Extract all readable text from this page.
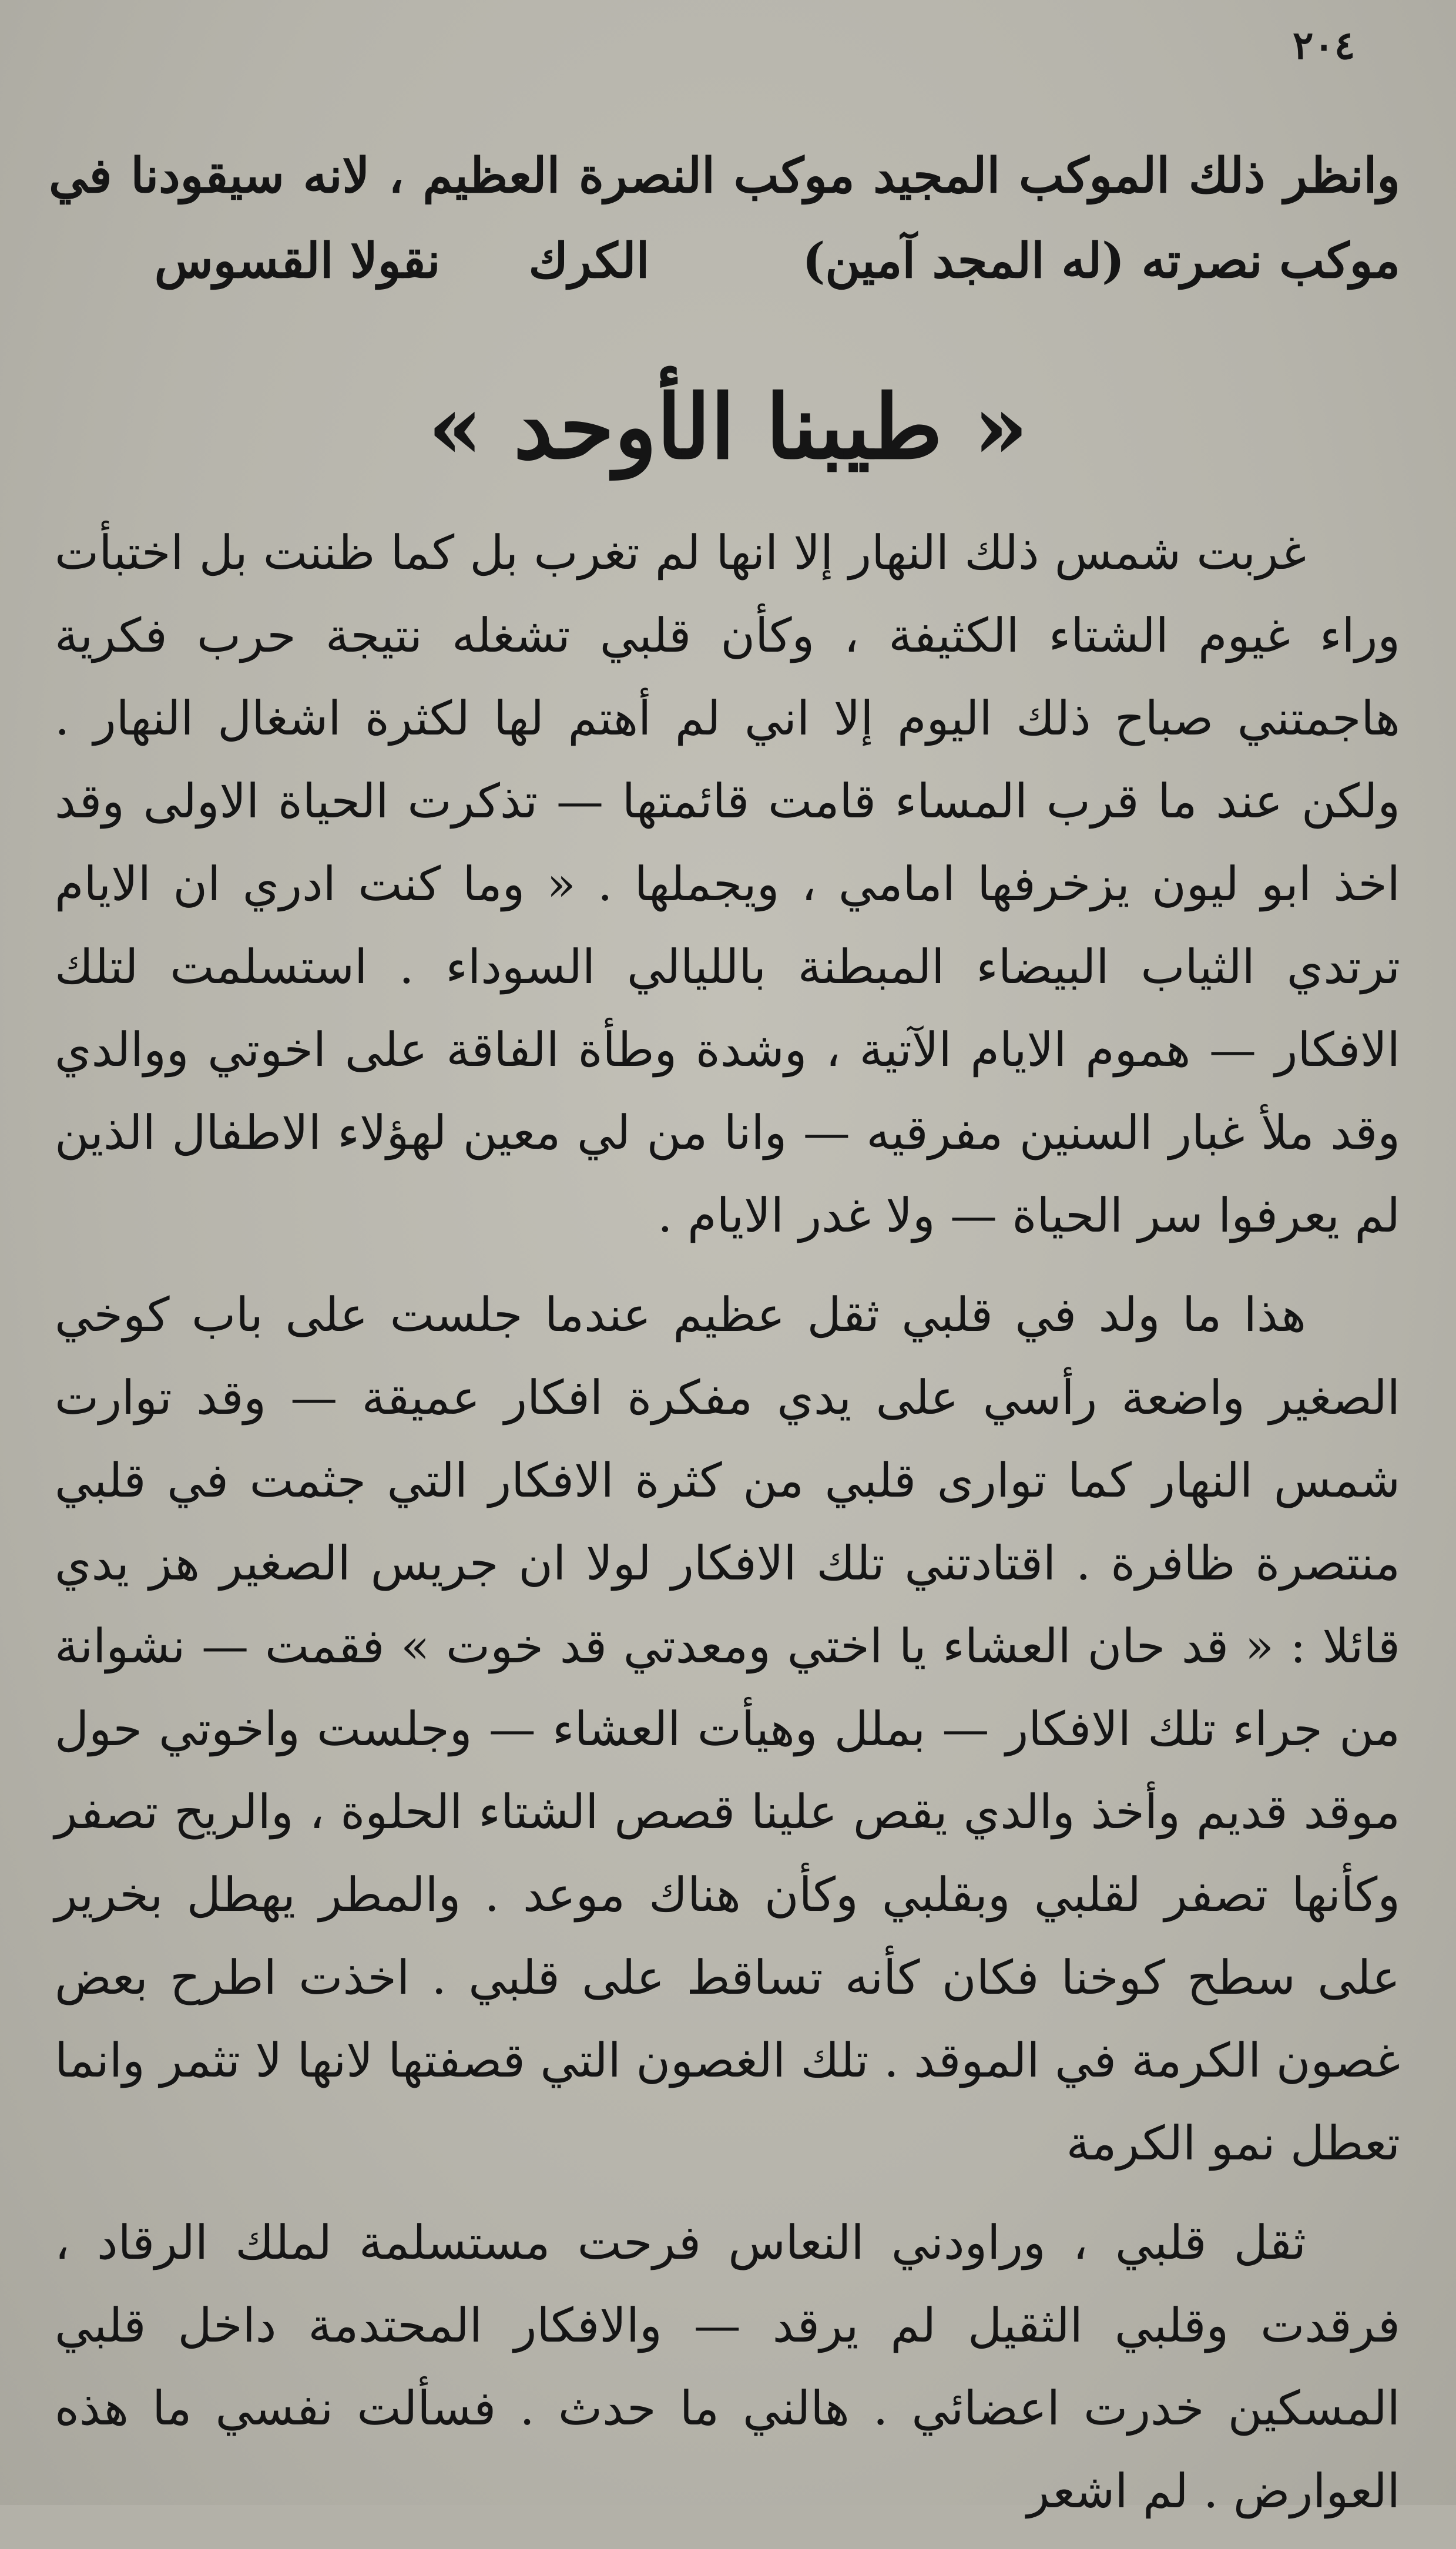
٢٠٤
وانظر ذلك الموكب المجيد موكب النصرة العظيم ، لانه سيقودنا في
موكب نصرته (له المجد آمين)
الكرك
نقولا القسوس
« طيبنا الأوحد »

غربت شمس ذلك النهار إلا انها لم تغرب بل كما ظننت بل اختبأت وراء غيوم الشتاء الكثيفة ، وكأن قلبي تشغله نتيجة حرب فكرية هاجمتني صباح ذلك اليوم إلا اني لم أهتم لها لكثرة اشغال النهار . ولكن عند ما قرب المساء قامت قائمتها — تذكرت الحياة الاولى وقد اخذ ابو ليون يزخرفها امامي ، ويجملها . « وما كنت ادري ان الايام ترتدي الثياب البيضاء المبطنة بالليالي السوداء . استسلمت لتلك الافكار — هموم الايام الآتية ، وشدة وطأة الفاقة على اخوتي ووالدي وقد ملأ غبار السنين مفرقيه — وانا من لي معين لهؤلاء الاطفال الذين لم يعرفوا سر الحياة — ولا غدر الايام .

هذا ما ولد في قلبي ثقل عظيم عندما جلست على باب كوخي الصغير واضعة رأسي على يدي مفكرة افكار عميقة — وقد توارت شمس النهار كما توارى قلبي من كثرة الافكار التي جثمت في قلبي منتصرة ظافرة . اقتادتني تلك الافكار لولا ان جريس الصغير هز يدي قائلا : « قد حان العشاء يا اختي ومعدتي قد خوت » فقمت — نشوانة من جراء تلك الافكار — بملل وهيأت العشاء — وجلست واخوتي حول موقد قديم وأخذ والدي يقص علينا قصص الشتاء الحلوة ، والريح تصفر وكأنها تصفر لقلبي وبقلبي وكأن هناك موعد . والمطر يهطل بخرير على سطح كوخنا فكان كأنه تساقط على قلبي . اخذت اطرح بعض غصون الكرمة في الموقد . تلك الغصون التي قصفتها لانها لا تثمر وانما تعطل نمو الكرمة

ثقل قلبي ، وراودني النعاس فرحت مستسلمة لملك الرقاد ، فرقدت وقلبي الثقيل لم يرقد — والافكار المحتدمة داخل قلبي المسكين خدرت اعضائي . هالني ما حدث . فسألت نفسي ما هذه العوارض . لم اشعر
